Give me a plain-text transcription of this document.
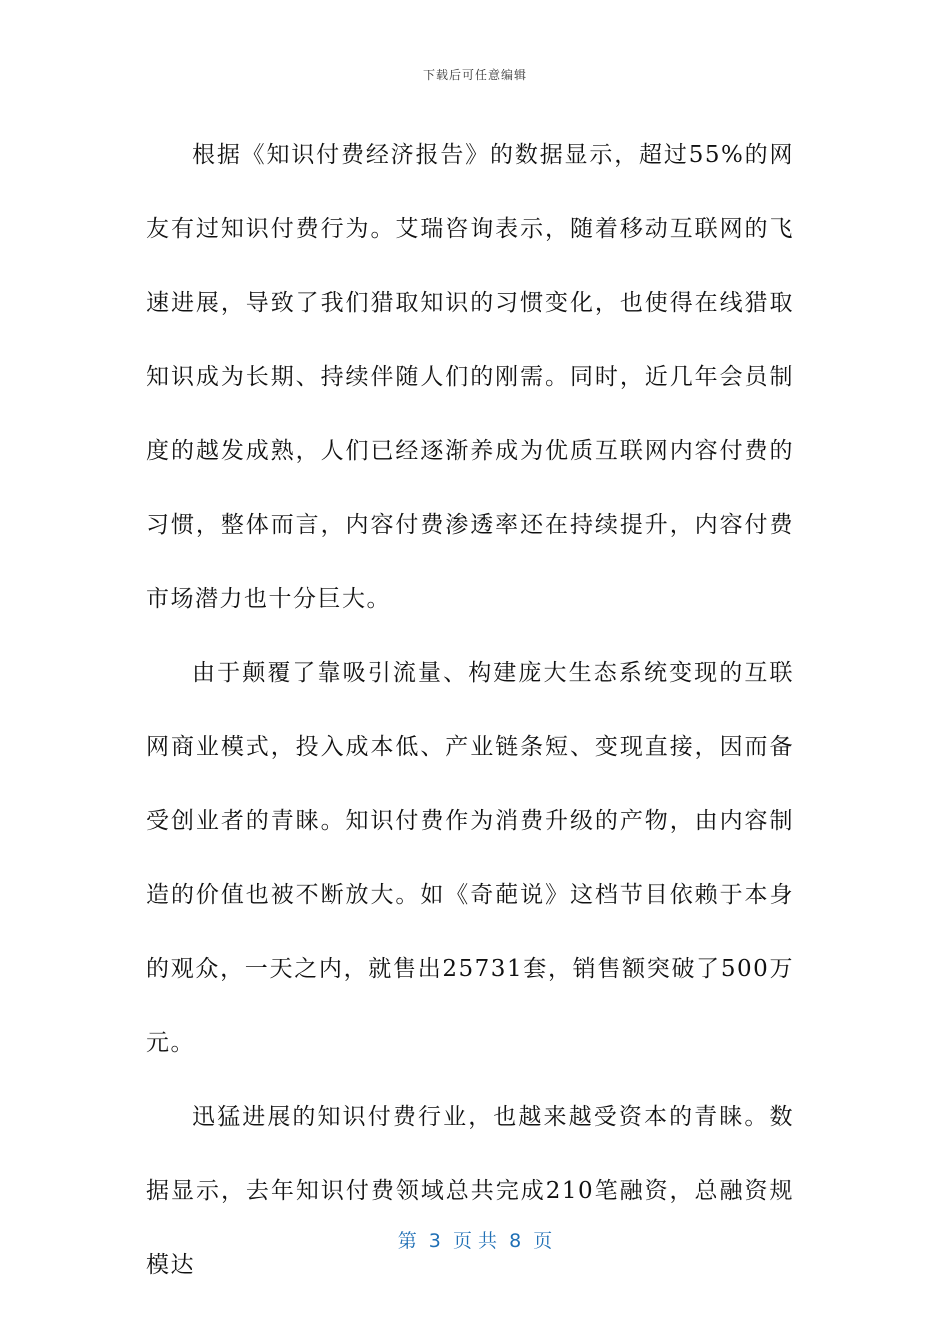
下载后可任意编辑

根据《知识付费经济报告》的数据显示，超过55%的网友有过知识付费行为。艾瑞咨询表示，随着移动互联网的飞速进展，导致了我们猎取知识的习惯变化，也使得在线猎取知识成为长期、持续伴随人们的刚需。同时，近几年会员制度的越发成熟，人们已经逐渐养成为优质互联网内容付费的习惯，整体而言，内容付费渗透率还在持续提升，内容付费市场潜力也十分巨大。

由于颠覆了靠吸引流量、构建庞大生态系统变现的互联网商业模式，投入成本低、产业链条短、变现直接，因而备受创业者的青睐。知识付费作为消费升级的产物，由内容制造的价值也被不断放大。如《奇葩说》这档节目依赖于本身的观众，一天之内，就售出25731套，销售额突破了500万元。

迅猛进展的知识付费行业，也越来越受资本的青睐。数据显示，去年知识付费领域总共完成210笔融资，总融资规模达

第  3  页 共  8  页
